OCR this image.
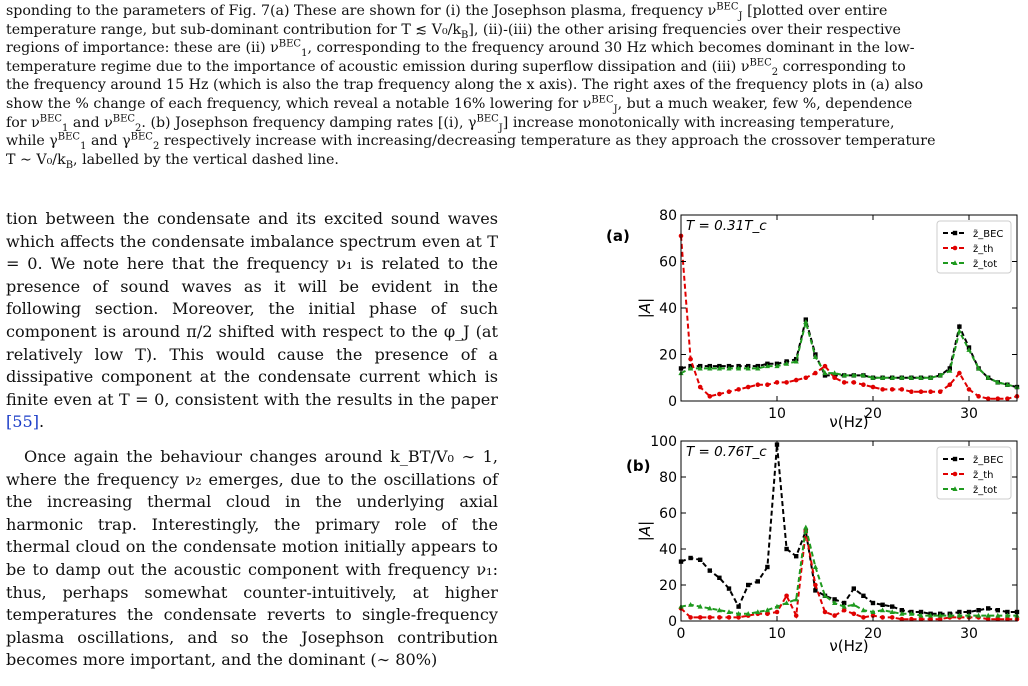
sponding to the parameters of Fig. 7(a) These are shown for (i) the Josephson plasma, frequency $\nu^{BEC}_J$ [plotted over entire
temperature range, but sub-dominant contribution for T ≲ $V_0/k_B$], (ii)-(iii) the other arising frequencies over their respective
regions of importance: these are (ii) $\nu^{BEC}_1$, corresponding to the frequency around 30 Hz which becomes dominant in the low-
temperature regime due to the importance of acoustic emission during superflow dissipation and (iii) $\nu^{BEC}_2$ corresponding to
the frequency around 15 Hz (which is also the trap frequency along the x axis). The right axes of the frequency plots in (a) also
show the % change of each frequency, which reveal a notable 16% lowering for $\nu^{BEC}_J$, but a much weaker, few %, dependence
for $\nu^{BEC}_1$ and $\nu^{BEC}_2$. (b) Josephson frequency damping rates [(i), $\gamma^{BEC}_J$] increase monotonically with increasing temperature,
while $\gamma^{BEC}_1$ and $\gamma^{BEC}_2$ respectively increase with increasing/decreasing temperature as they approach the crossover temperature
T ∼ $V_0/k_B$, labelled by the vertical dashed line.

tion between the condensate and its excited sound waves which affects the condensate imbalance spectrum even at T = 0. We note here that the frequency ν₁ is related to the presence of sound waves as it will be evident in the following section. Moreover, the initial phase of such component is around π/2 shifted with respect to the φ_J (at relatively low T). This would cause the presence of a dissipative component at the condensate current which is finite even at T = 0, consistent with the results in the paper [55].

Once again the behaviour changes around k_BT/V₀ ∼ 1, where the frequency ν₂ emerges, due to the oscillations of the increasing thermal cloud in the underlying axial harmonic trap. Interestingly, the primary role of the thermal cloud on the condensate motion initially appears to be to damp out the acoustic component with frequency ν₁: thus, perhaps somewhat counter-intuitively, at higher temperatures the condensate reverts to single-frequency plasma oscillations, and so the Josephson contribution becomes more important, and the dominant (∼ 80%)

10	20	30
0
20
40
60
80
ν(Hz)
|A|
(a)
T = 0.31T_c
z̃_BEC
z̃_th
z̃_tot
0	10	20	30
0
20
40
60
80
100
ν(Hz)
|A|
(b)
T = 0.76T_c
z̃_BEC
z̃_th
z̃_tot
